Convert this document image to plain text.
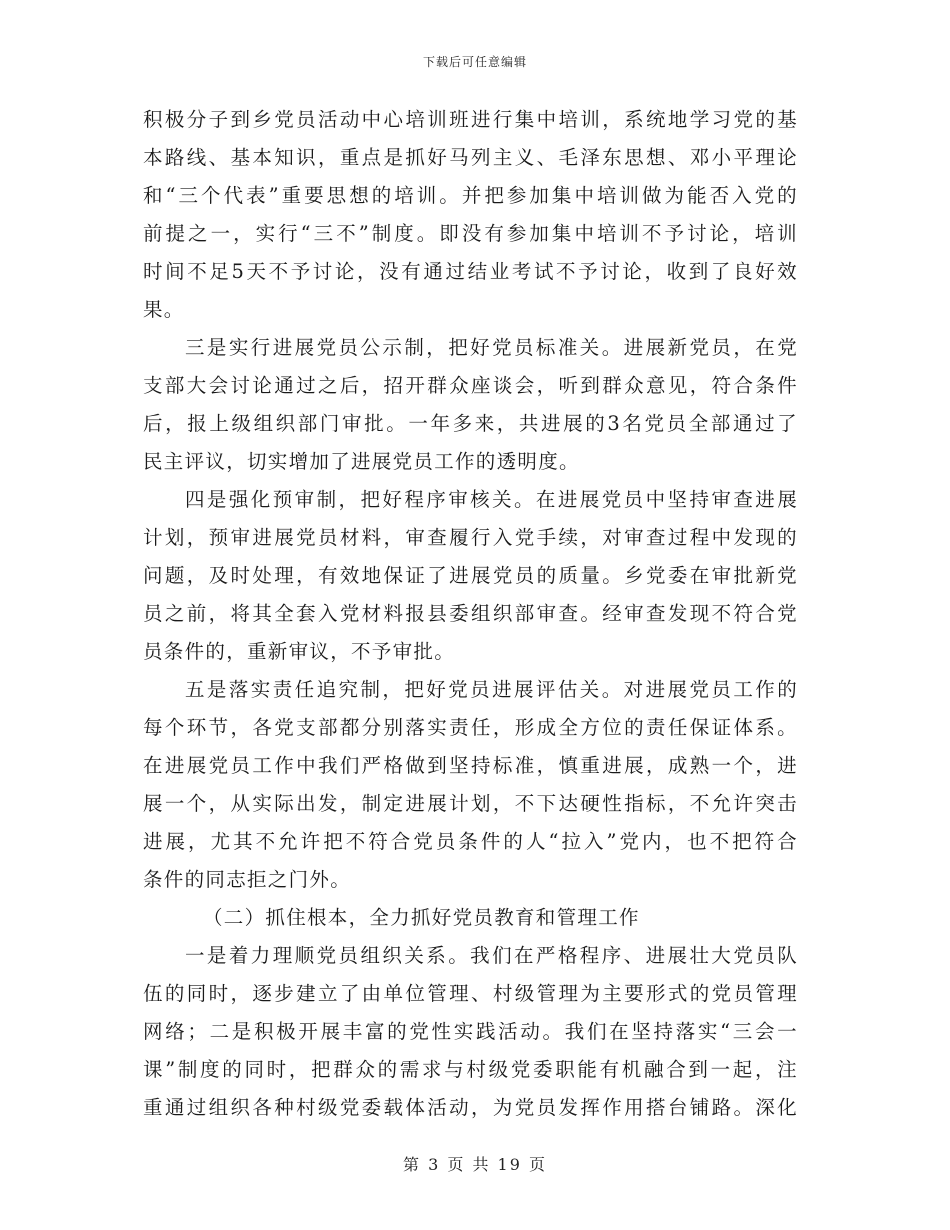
下载后可任意编辑
积极分子到乡党员活动中心培训班进行集中培训，系统地学习党的基
本路线、基本知识，重点是抓好马列主义、毛泽东思想、邓小平理论
和“三个代表”重要思想的培训。并把参加集中培训做为能否入党的
前提之一，实行“三不”制度。即没有参加集中培训不予讨论，培训
时间不足5天不予讨论，没有通过结业考试不予讨论，收到了良好效
果。
三是实行进展党员公示制，把好党员标准关。进展新党员，在党
支部大会讨论通过之后，招开群众座谈会，听到群众意见，符合条件
后，报上级组织部门审批。一年多来，共进展的3名党员全部通过了
民主评议，切实增加了进展党员工作的透明度。
四是强化预审制，把好程序审核关。在进展党员中坚持审查进展
计划，预审进展党员材料，审查履行入党手续，对审查过程中发现的
问题，及时处理，有效地保证了进展党员的质量。乡党委在审批新党
员之前，将其全套入党材料报县委组织部审查。经审查发现不符合党
员条件的，重新审议，不予审批。
五是落实责任追究制，把好党员进展评估关。对进展党员工作的
每个环节，各党支部都分别落实责任，形成全方位的责任保证体系。
在进展党员工作中我们严格做到坚持标准，慎重进展，成熟一个，进
展一个，从实际出发，制定进展计划，不下达硬性指标，不允许突击
进展，尤其不允许把不符合党员条件的人“拉入”党内，也不把符合
条件的同志拒之门外。
（二）抓住根本，全力抓好党员教育和管理工作
一是着力理顺党员组织关系。我们在严格程序、进展壮大党员队
伍的同时，逐步建立了由单位管理、村级管理为主要形式的党员管理
网络；二是积极开展丰富的党性实践活动。我们在坚持落实“三会一
课”制度的同时，把群众的需求与村级党委职能有机融合到一起，注
重通过组织各种村级党委载体活动，为党员发挥作用搭台铺路。深化
第 3 页 共 19 页
